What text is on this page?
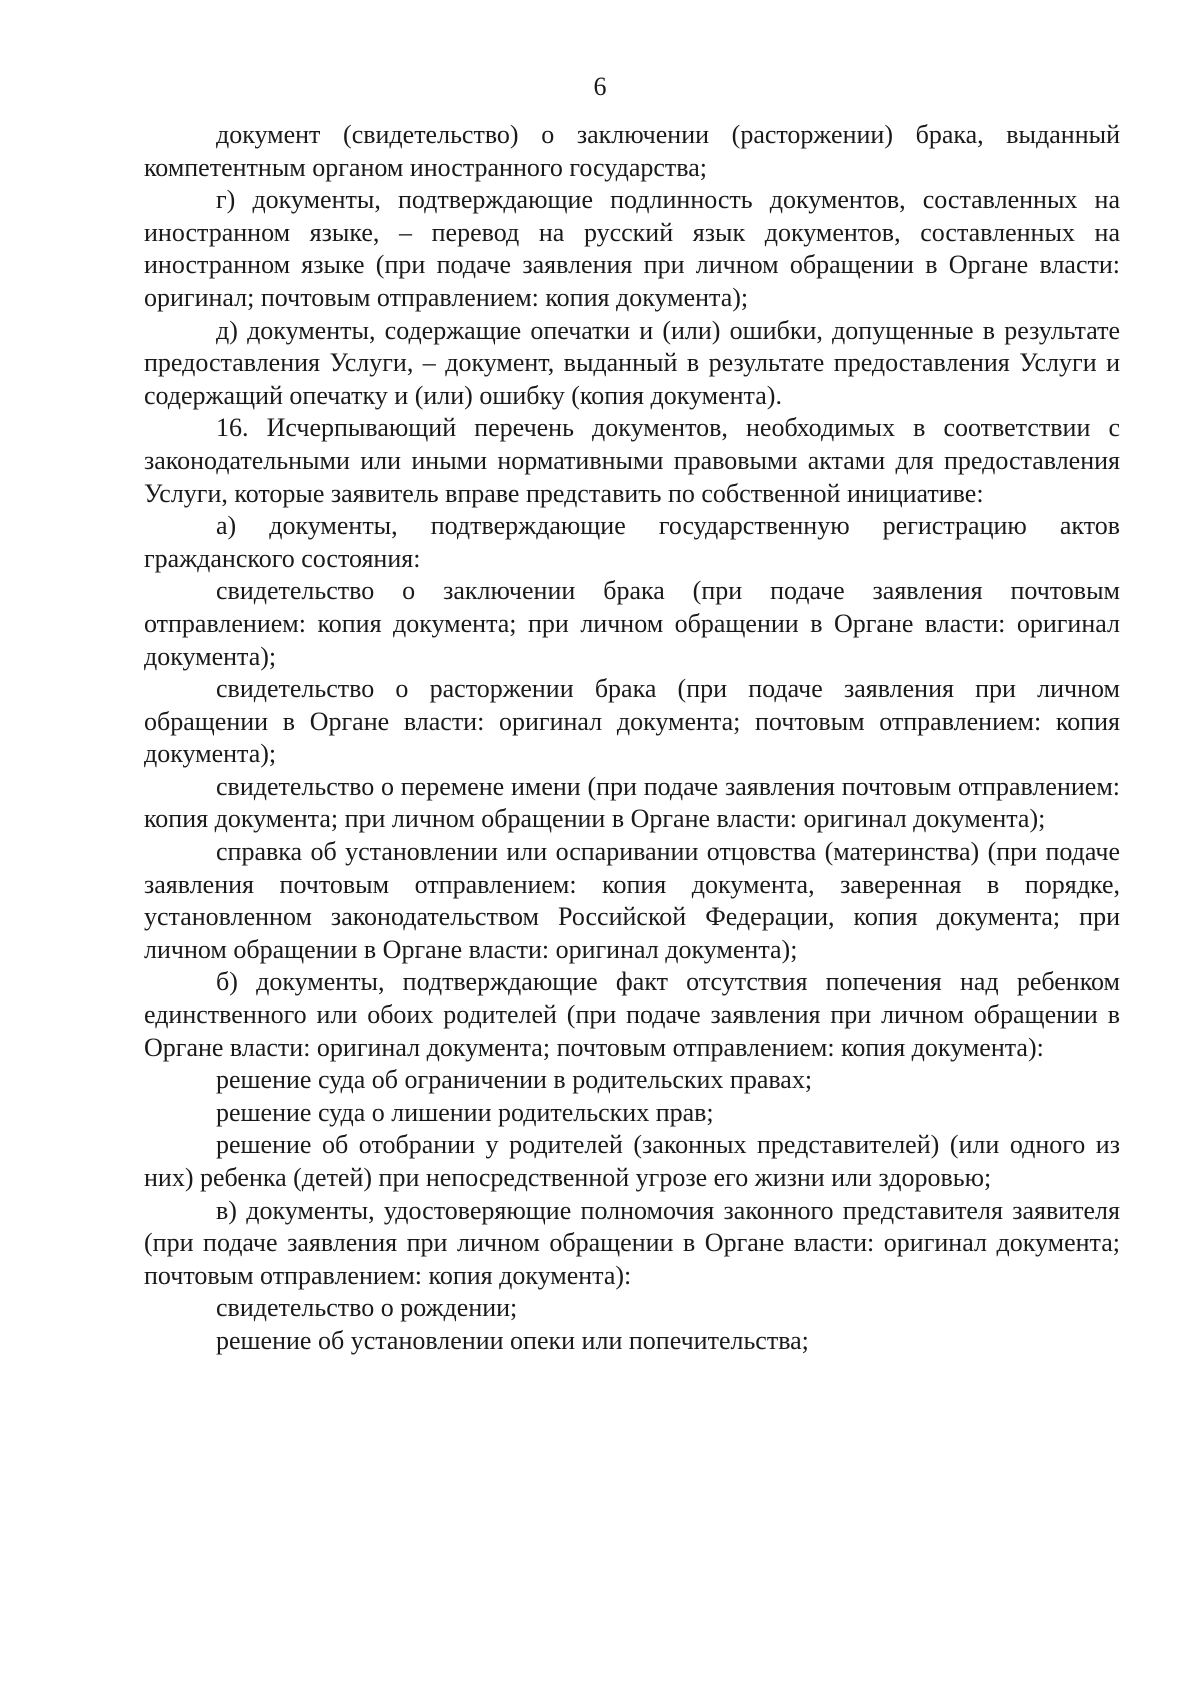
6

документ (свидетельство) о заключении (расторжении) брака, выданный компетентным органом иностранного государства;

г) документы, подтверждающие подлинность документов, составленных на иностранном языке, – перевод на русский язык документов, составленных на иностранном языке (при подаче заявления при личном обращении в Органе власти: оригинал; почтовым отправлением: копия документа);

д) документы, содержащие опечатки и (или) ошибки, допущенные в результате предоставления Услуги, – документ, выданный в результате предоставления Услуги и содержащий опечатку и (или) ошибку (копия документа).

16. Исчерпывающий перечень документов, необходимых в соответствии с законодательными или иными нормативными правовыми актами для предоставления Услуги, которые заявитель вправе представить по собственной инициативе:

а) документы, подтверждающие государственную регистрацию актов гражданского состояния:

свидетельство о заключении брака (при подаче заявления почтовым отправлением: копия документа; при личном обращении в Органе власти: оригинал документа);

свидетельство о расторжении брака (при подаче заявления при личном обращении в Органе власти: оригинал документа; почтовым отправлением: копия документа);

свидетельство о перемене имени (при подаче заявления почтовым отправлением: копия документа; при личном обращении в Органе власти: оригинал документа);

справка об установлении или оспаривании отцовства (материнства) (при подаче заявления почтовым отправлением: копия документа, заверенная в порядке, установленном законодательством Российской Федерации, копия документа; при личном обращении в Органе власти: оригинал документа);

б) документы, подтверждающие факт отсутствия попечения над ребенком единственного или обоих родителей (при подаче заявления при личном обращении в Органе власти: оригинал документа; почтовым отправлением: копия документа):

решение суда об ограничении в родительских правах;

решение суда о лишении родительских прав;

решение об отобрании у родителей (законных представителей) (или одного из них) ребенка (детей) при непосредственной угрозе его жизни или здоровью;

в) документы, удостоверяющие полномочия законного представителя заявителя (при подаче заявления при личном обращении в Органе власти: оригинал документа; почтовым отправлением: копия документа):

свидетельство о рождении;

решение об установлении опеки или попечительства;
